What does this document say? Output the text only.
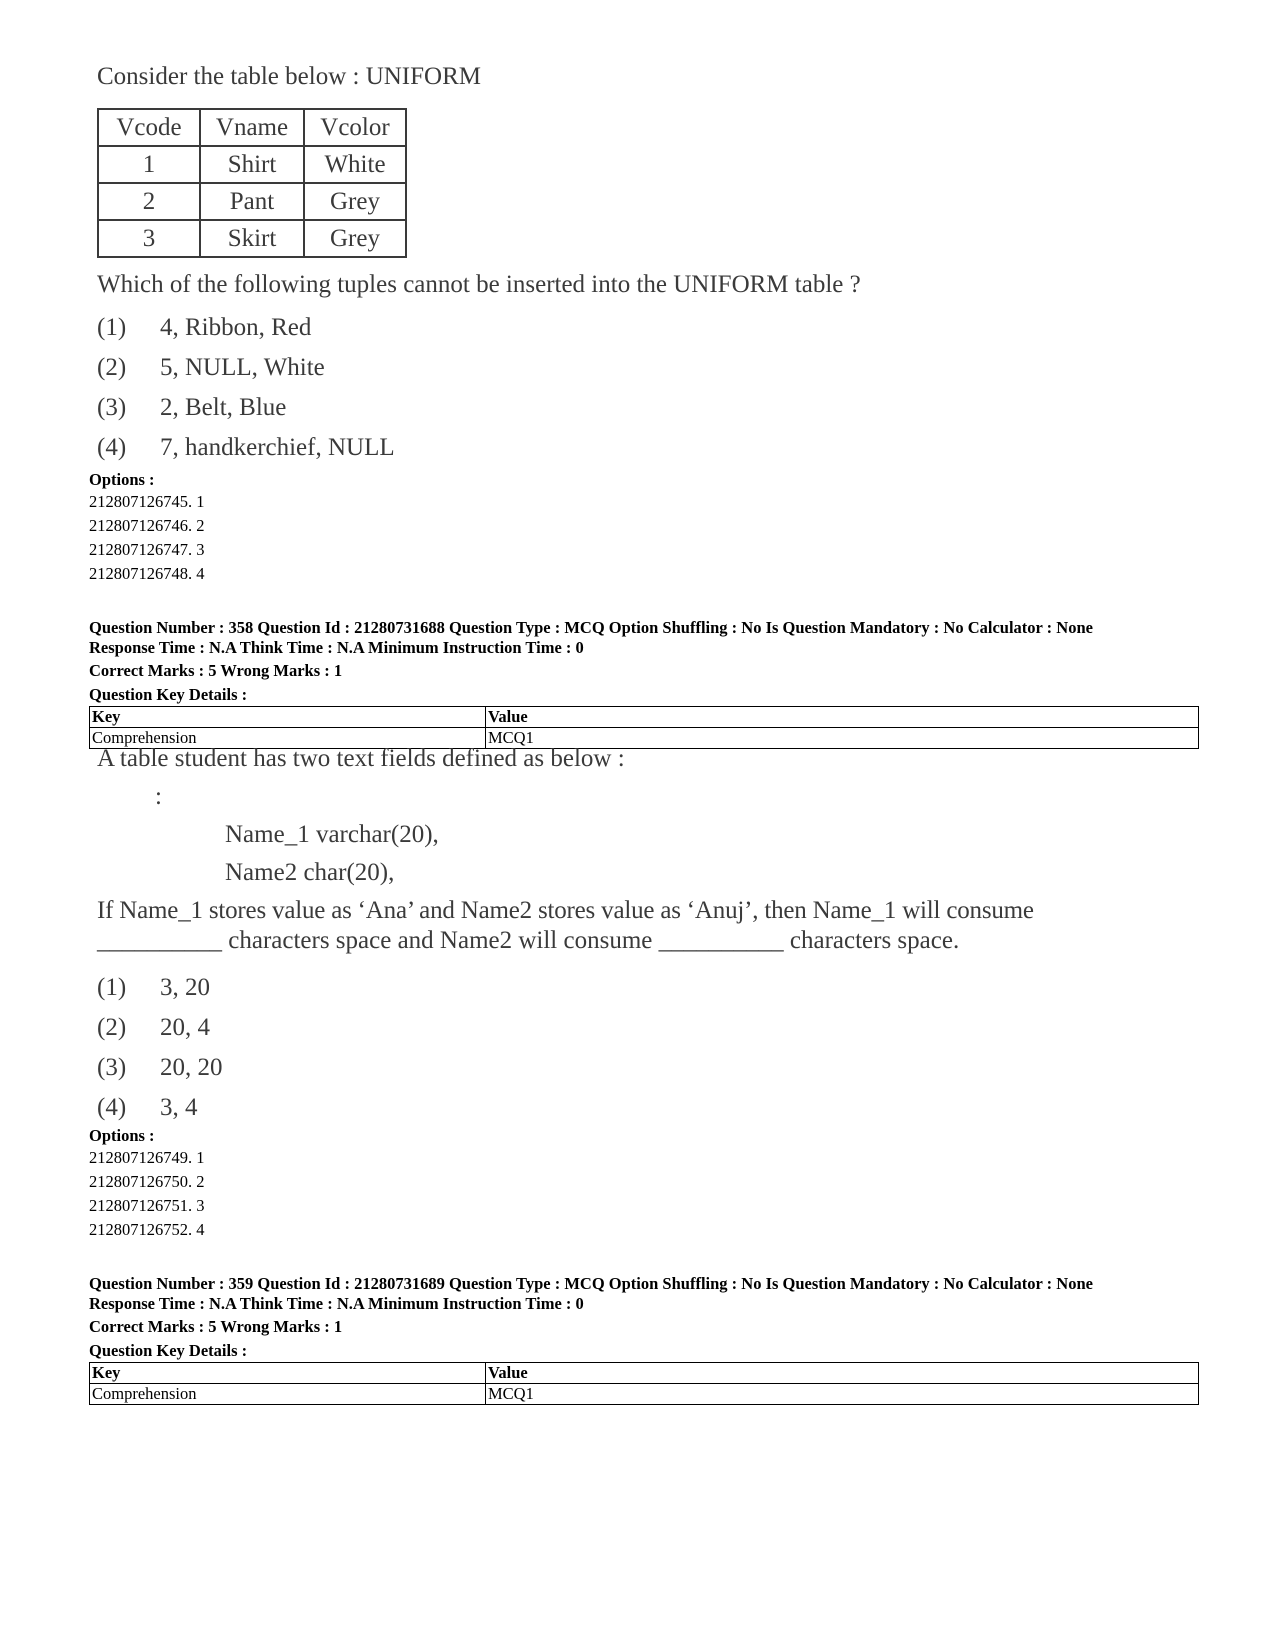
Consider the table below : UNIFORM

Vcode	Vname	Vcolor
1	Shirt	White
2	Pant	Grey
3	Skirt	Grey

Which of the following tuples cannot be inserted into the UNIFORM table ?

(1)	4, Ribbon, Red
(2)	5, NULL, White
(3)	2, Belt, Blue
(4)	7, handkerchief, NULL
Options :
212807126745. 1
212807126746. 2
212807126747. 3
212807126748. 4
Question Number : 358 Question Id : 21280731688 Question Type : MCQ Option Shuffling : No Is Question Mandatory : No Calculator : None
Response Time : N.A Think Time : N.A Minimum Instruction Time : 0
Correct Marks : 5 Wrong Marks : 1
Question Key Details :
Key	Value
Comprehension	MCQ1

A table student has two text fields defined as below :

:

Name_1 varchar(20),

Name2 char(20),

If Name_1 stores value as ‘Ana’ and Name2 stores value as ‘Anuj’, then Name_1 will consume

__________ characters space and Name2 will consume __________ characters space.

(1)	3, 20
(2)	20, 4
(3)	20, 20
(4)	3, 4
Options :
212807126749. 1
212807126750. 2
212807126751. 3
212807126752. 4
Question Number : 359 Question Id : 21280731689 Question Type : MCQ Option Shuffling : No Is Question Mandatory : No Calculator : None
Response Time : N.A Think Time : N.A Minimum Instruction Time : 0
Correct Marks : 5 Wrong Marks : 1
Question Key Details :
Key	Value
Comprehension	MCQ1
